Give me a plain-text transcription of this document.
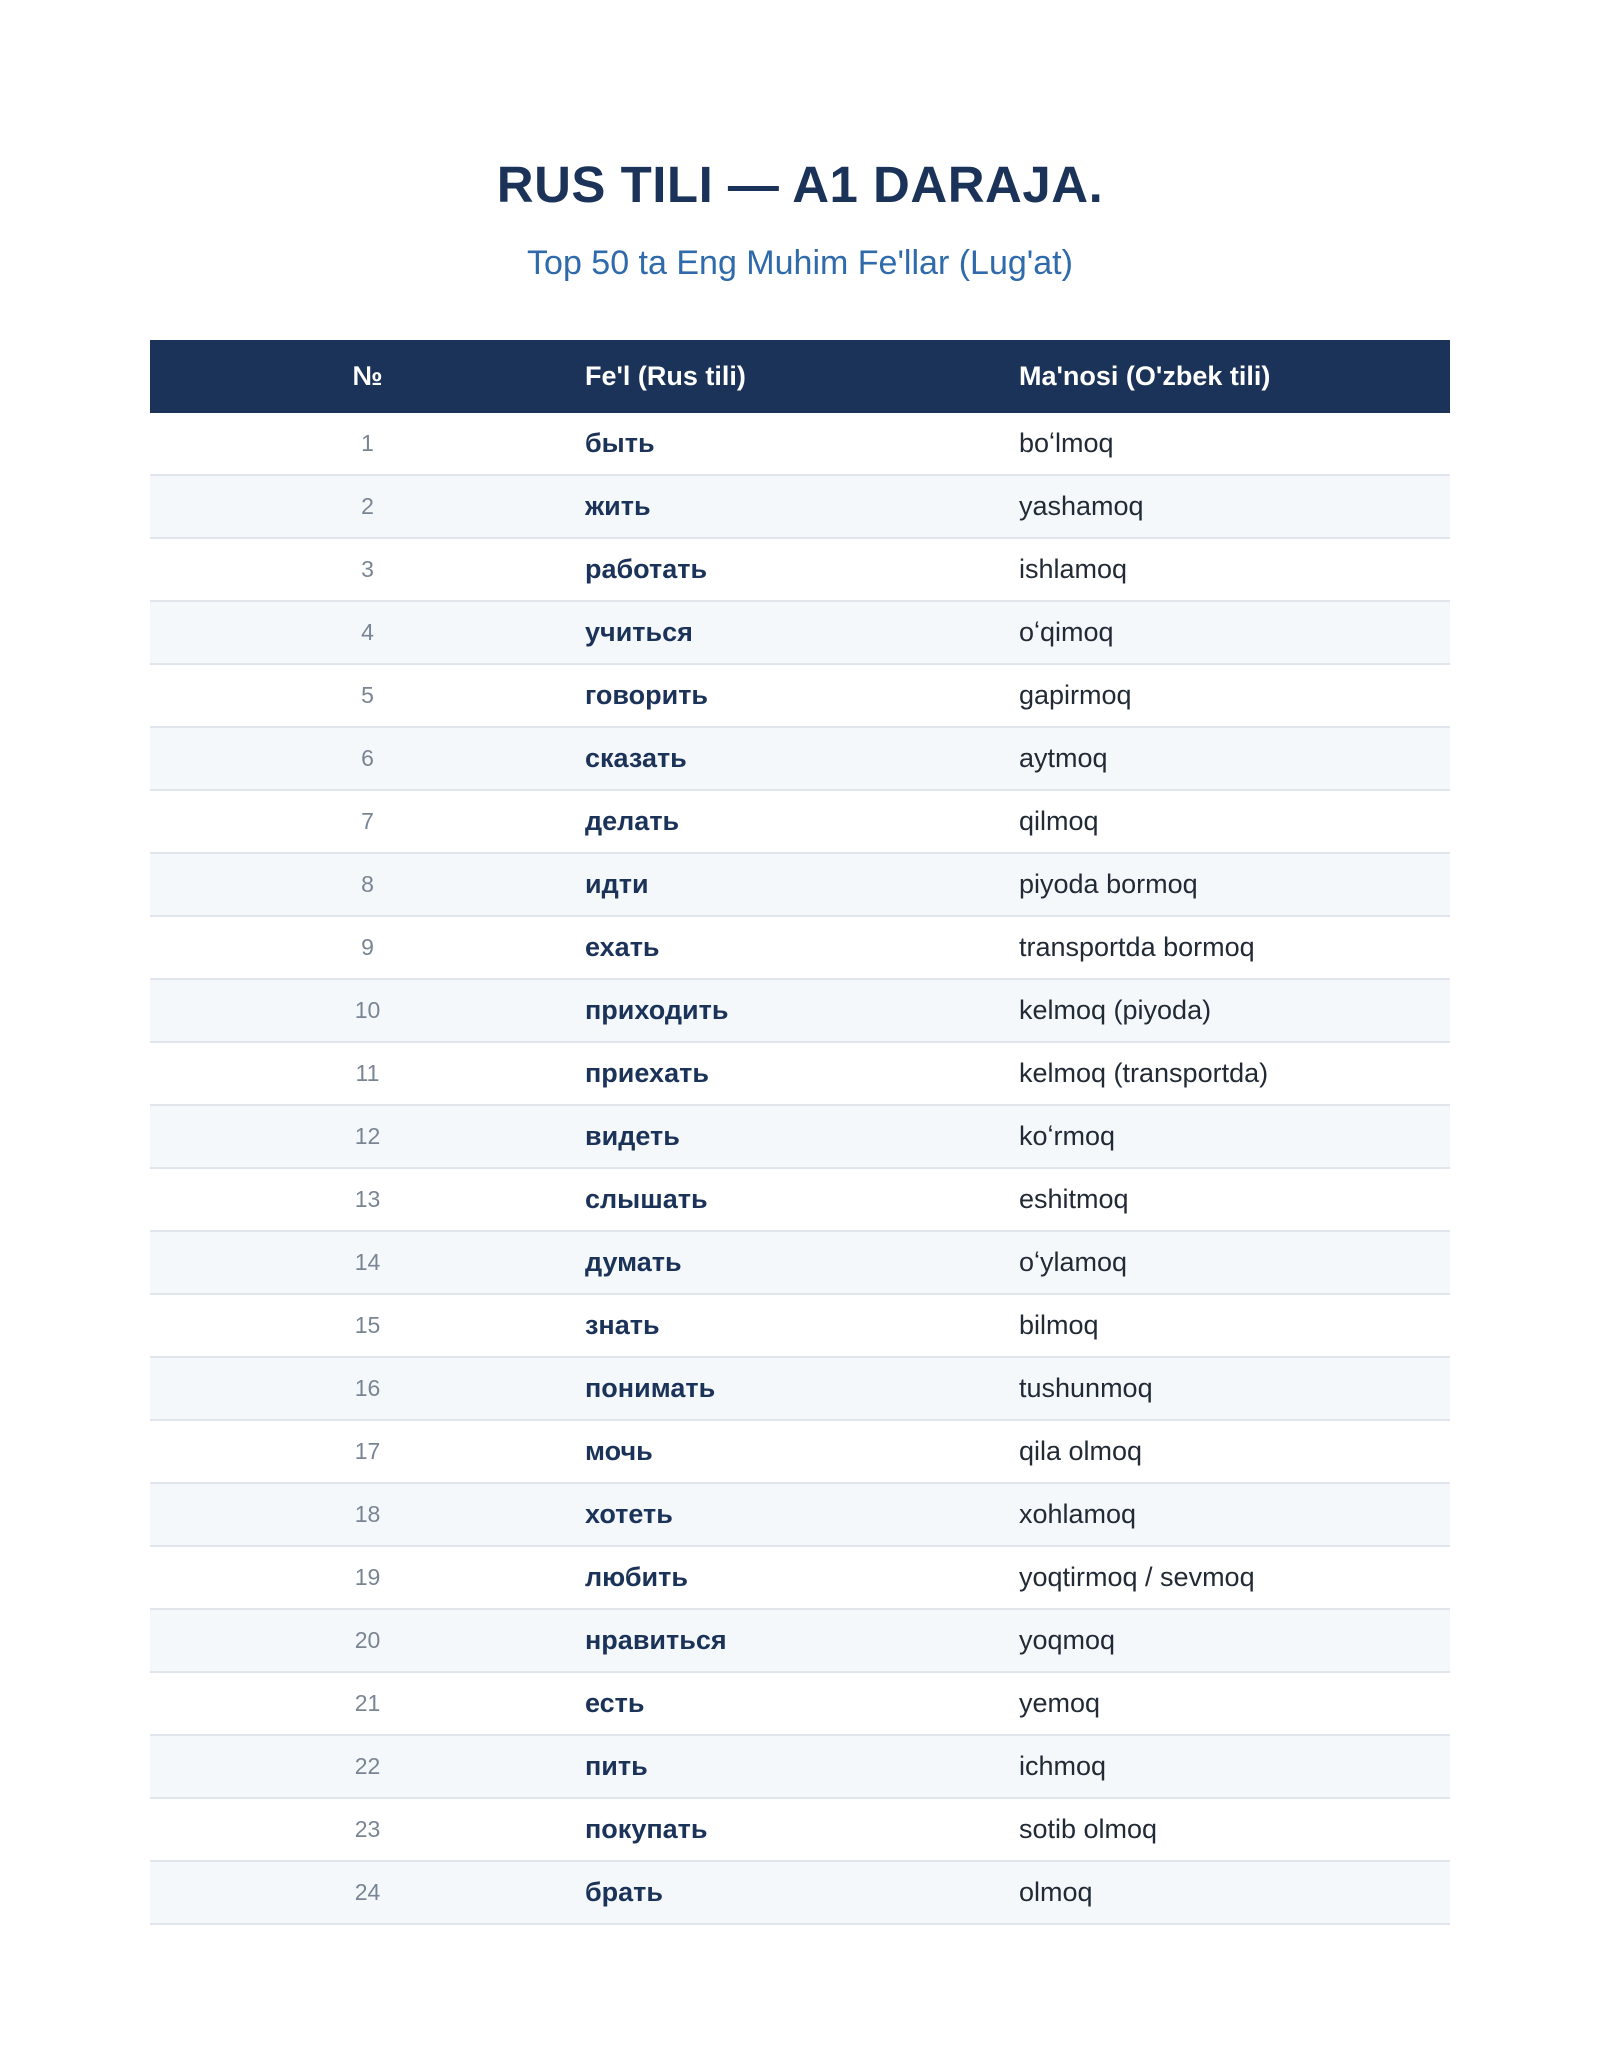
RUS TILI — A1 DARAJA.
Top 50 ta Eng Muhim Fe'llar (Lug'at)
№	Fe'l (Rus tili)	Ma'nosi (O'zbek tili)
1	быть	boʻlmoq
2	жить	yashamoq
3	работать	ishlamoq
4	учиться	oʻqimoq
5	говорить	gapirmoq
6	сказать	aytmoq
7	делать	qilmoq
8	идти	piyoda bormoq
9	ехать	transportda bormoq
10	приходить	kelmoq (piyoda)
11	приехать	kelmoq (transportda)
12	видеть	koʻrmoq
13	слышать	eshitmoq
14	думать	oʻylamoq
15	знать	bilmoq
16	понимать	tushunmoq
17	мочь	qila olmoq
18	хотеть	xohlamoq
19	любить	yoqtirmoq / sevmoq
20	нравиться	yoqmoq
21	есть	yemoq
22	пить	ichmoq
23	покупать	sotib olmoq
24	брать	olmoq
